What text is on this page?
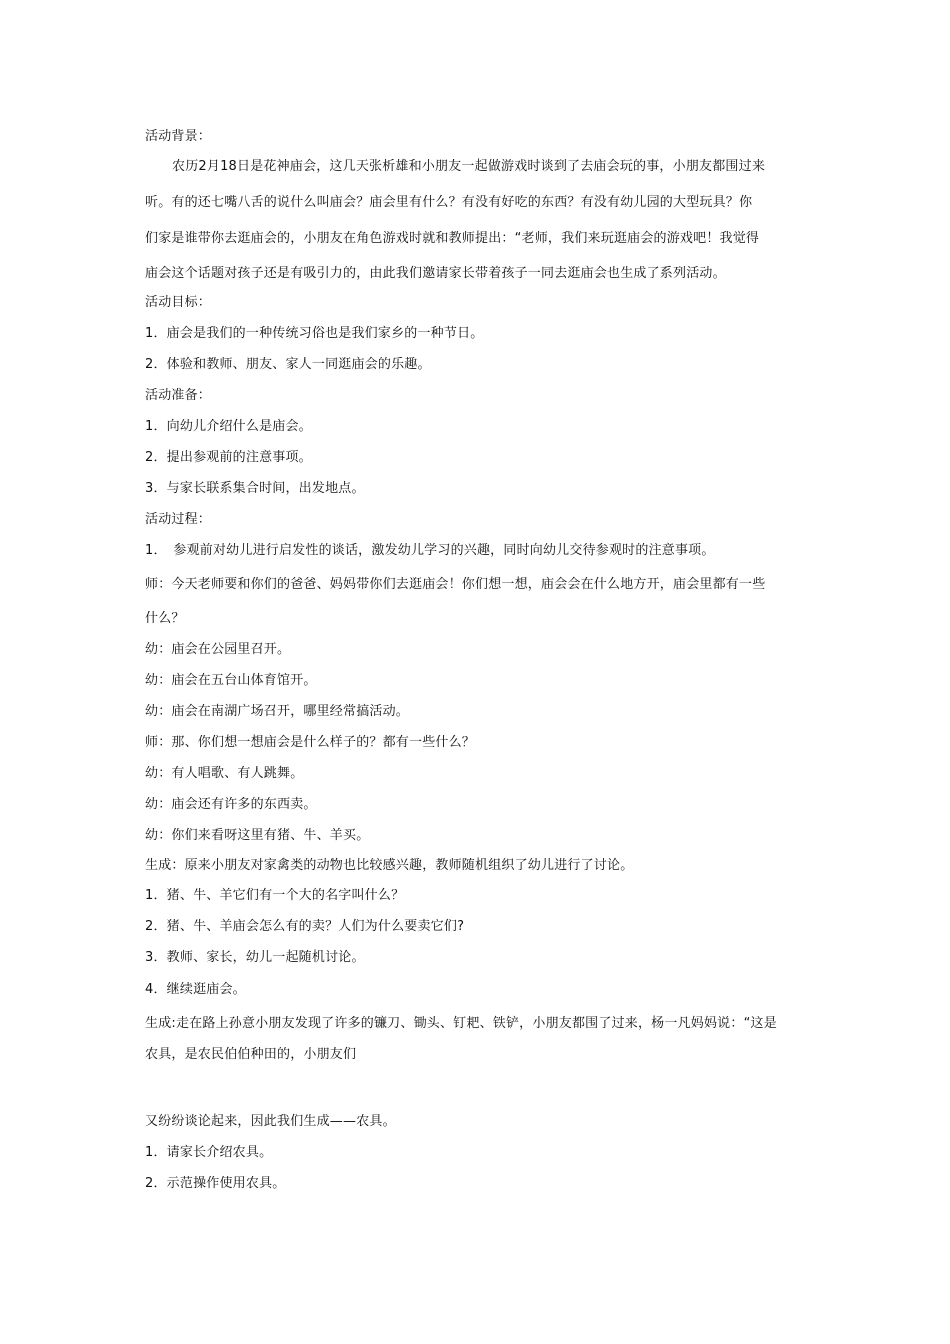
活动背景：
农历2月18日是花神庙会，这几天张析雄和小朋友一起做游戏时谈到了去庙会玩的事，小朋友都围过来
听。有的还七嘴八舌的说什么叫庙会？庙会里有什么？有没有好吃的东西？有没有幼儿园的大型玩具？你
们家是谁带你去逛庙会的，小朋友在角色游戏时就和教师提出：“老师，我们来玩逛庙会的游戏吧！我觉得
庙会这个话题对孩子还是有吸引力的，由此我们邀请家长带着孩子一同去逛庙会也生成了系列活动。
活动目标：
1．庙会是我们的一种传统习俗也是我们家乡的一种节日。
2．体验和教师、朋友、家人一同逛庙会的乐趣。
活动准备：
1．向幼儿介绍什么是庙会。
2．提出参观前的注意事项。
3．与家长联系集合时间，出发地点。
活动过程：
1．　参观前对幼儿进行启发性的谈话，激发幼儿学习的兴趣，同时向幼儿交待参观时的注意事项。
师：今天老师要和你们的爸爸、妈妈带你们去逛庙会！你们想一想，庙会会在什么地方开，庙会里都有一些
什么？
幼：庙会在公园里召开。
幼：庙会在五台山体育馆开。
幼：庙会在南湖广场召开，哪里经常搞活动。
师：那、你们想一想庙会是什么样子的？都有一些什么？
幼：有人唱歌、有人跳舞。
幼：庙会还有许多的东西卖。
幼：你们来看呀这里有猪、牛、羊买。
生成：原来小朋友对家禽类的动物也比较感兴趣，教师随机组织了幼儿进行了讨论。
1．猪、牛、羊它们有一个大的名字叫什么？
2．猪、牛、羊庙会怎么有的卖？人们为什么要卖它们?
3．教师、家长，幼儿一起随机讨论。
4．继续逛庙会。
生成:走在路上孙意小朋友发现了许多的镰刀、锄头、钉耙、铁铲，小朋友都围了过来，杨一凡妈妈说：“这是
农具，是农民伯伯种田的，小朋友们
又纷纷谈论起来，因此我们生成——农具。
1．请家长介绍农具。
2．示范操作使用农具。
